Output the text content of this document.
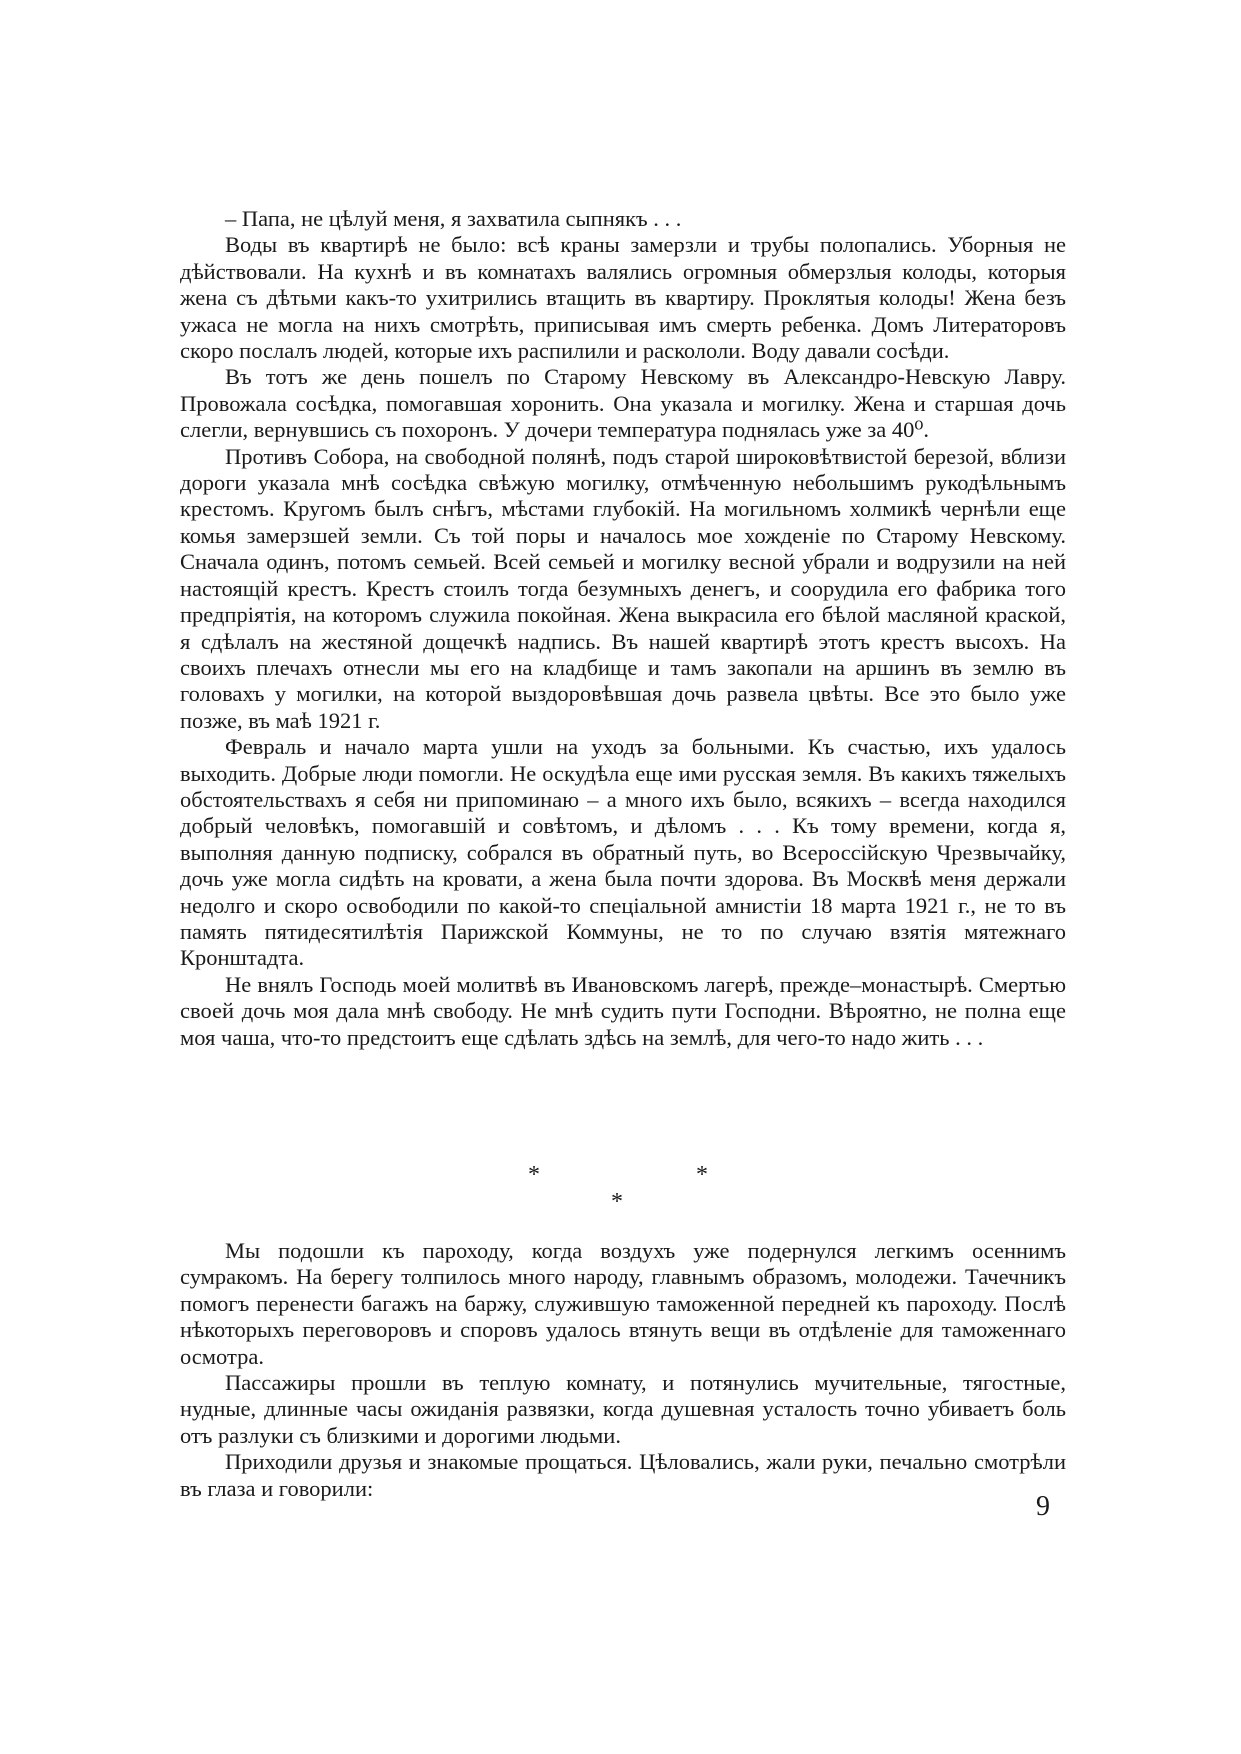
– Папа, не цѣлуй меня, я захватила сыпнякъ . . .

Воды въ квартирѣ не было: всѣ краны замерзли и трубы полопались. Уборныя не дѣйствовали. На кухнѣ и въ комнатахъ валялись огромныя обмерзлыя колоды, которыя жена съ дѣтьми какъ-то ухитрились втащить въ квартиру. Проклятыя колоды! Жена безъ ужаса не могла на нихъ смотрѣть, приписывая имъ смерть ребенка. Домъ Литераторовъ скоро послалъ людей, которые ихъ распилили и раскололи. Воду давали сосѣди.

Въ тотъ же день пошелъ по Старому Невскому въ Александро-Невскую Лавру. Провожала сосѣдка, помогавшая хоронить. Она указала и могилку. Жена и старшая дочь слегли, вернувшись съ похоронъ. У дочери температура поднялась уже за 40⁰.

Противъ Собора, на свободной полянѣ, подъ старой широковѣтвистой березой, вблизи дороги указала мнѣ сосѣдка свѣжую могилку, отмѣченную небольшимъ рукодѣльнымъ крестомъ. Кругомъ былъ снѣгъ, мѣстами глубокій. На могильномъ холмикѣ чернѣли еще комья замерзшей земли. Съ той поры и началось мое хожденіе по Старому Невскому. Сначала одинъ, потомъ семьей. Всей семьей и могилку весной убрали и водрузили на ней настоящій крестъ. Крестъ стоилъ тогда безумныхъ денегъ, и соорудила его фабрика того предпріятія, на которомъ служила покойная. Жена выкрасила его бѣлой масляной краской, я сдѣлалъ на жестяной дощечкѣ надпись. Въ нашей квартирѣ этотъ крестъ высохъ. На своихъ плечахъ отнесли мы его на кладбище и тамъ закопали на аршинъ въ землю въ головахъ у могилки, на которой выздоровѣвшая дочь развела цвѣты. Все это было уже позже, въ маѣ 1921 г.

Февраль и начало марта ушли на уходъ за больными. Къ счастью, ихъ удалось выходить. Добрые люди помогли. Не оскудѣла еще ими русская земля. Въ какихъ тяжелыхъ обстоятельствахъ я себя ни припоминаю – а много ихъ было, всякихъ – всегда находился добрый человѣкъ, помогавшій и совѣтомъ, и дѣломъ . . . Къ тому времени, когда я, выполняя данную подписку, собрался въ обратный путь, во Всероссійскую Чрезвычайку, дочь уже могла сидѣть на кровати, а жена была почти здорова. Въ Москвѣ меня держали недолго и скоро освободили по какой-то спеціальной амнистіи 18 марта 1921 г., не то въ память пятидесятилѣтія Парижской Коммуны, не то по случаю взятія мятежнаго Кронштадта.

Не внялъ Господь моей молитвѣ въ Ивановскомъ лагерѣ, прежде–монастырѣ. Смертью своей дочь моя дала мнѣ свободу. Не мнѣ судить пути Господни. Вѣроятно, не полна еще моя чаша, что-то предстоитъ еще сдѣлать здѣсь на землѣ, для чего-то надо жить . . .

*	*
*

Мы подошли къ пароходу, когда воздухъ уже подернулся легкимъ осеннимъ сумракомъ. На берегу толпилось много народу, главнымъ образомъ, молодежи. Тачечникъ помогъ перенести багажъ на баржу, служившую таможенной передней къ пароходу. Послѣ нѣкоторыхъ переговоровъ и споровъ удалось втянуть вещи въ отдѣленіе для таможеннаго осмотра.

Пассажиры прошли въ теплую комнату, и потянулись мучительные, тягостные, нудные, длинные часы ожиданія развязки, когда душевная усталость точно убиваетъ боль отъ разлуки съ близкими и дорогими людьми.

Приходили друзья и знакомые прощаться. Цѣловались, жали руки, печально смотрѣли въ глаза и говорили:

9
